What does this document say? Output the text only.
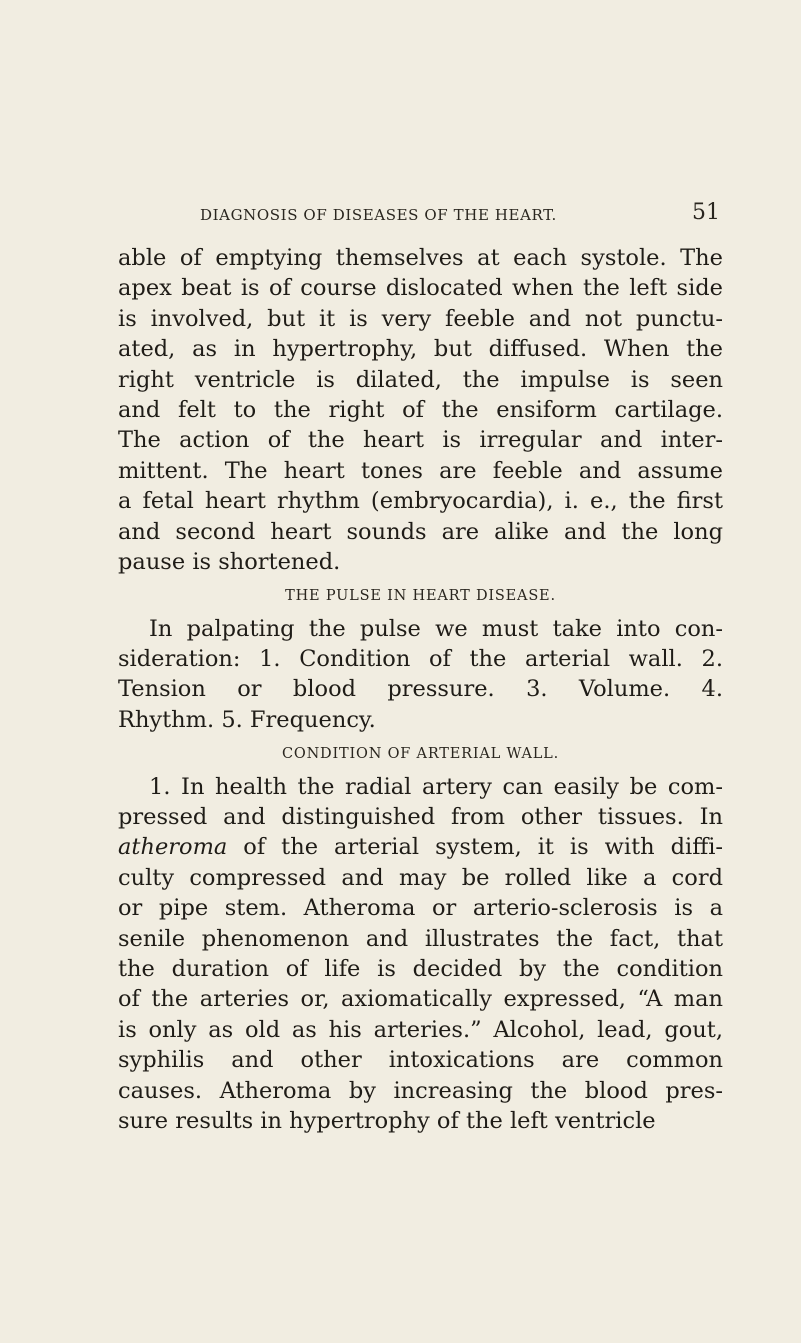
DIAGNOSIS OF DISEASES OF THE HEART.	51
able of emptying themselves at each systole. The
apex beat is of course dislocated when the left side
is involved, but it is very feeble and not punctu-
ated, as in hypertrophy, but diffused. When the
right ventricle is dilated, the impulse is seen
and felt to the right of the ensiform cartilage.
The action of the heart is irregular and inter-
mittent. The heart tones are feeble and assume
a fetal heart rhythm (embryocardia), i. e., the first
and second heart sounds are alike and the long
pause is shortened.
THE PULSE IN HEART DISEASE.
In palpating the pulse we must take into con-
sideration: 1. Condition of the arterial wall. 2.
Tension or blood pressure. 3. Volume. 4.
Rhythm. 5. Frequency.
CONDITION OF ARTERIAL WALL.
1. In health the radial artery can easily be com-
pressed and distinguished from other tissues. In
atheroma of the arterial system, it is with diffi-
culty compressed and may be rolled like a cord
or pipe stem. Atheroma or arterio-sclerosis is a
senile phenomenon and illustrates the fact, that
the duration of life is decided by the condition
of the arteries or, axiomatically expressed, “A man
is only as old as his arteries.” Alcohol, lead, gout,
syphilis and other intoxications are common
causes. Atheroma by increasing the blood pres-
sure results in hypertrophy of the left ventricle
